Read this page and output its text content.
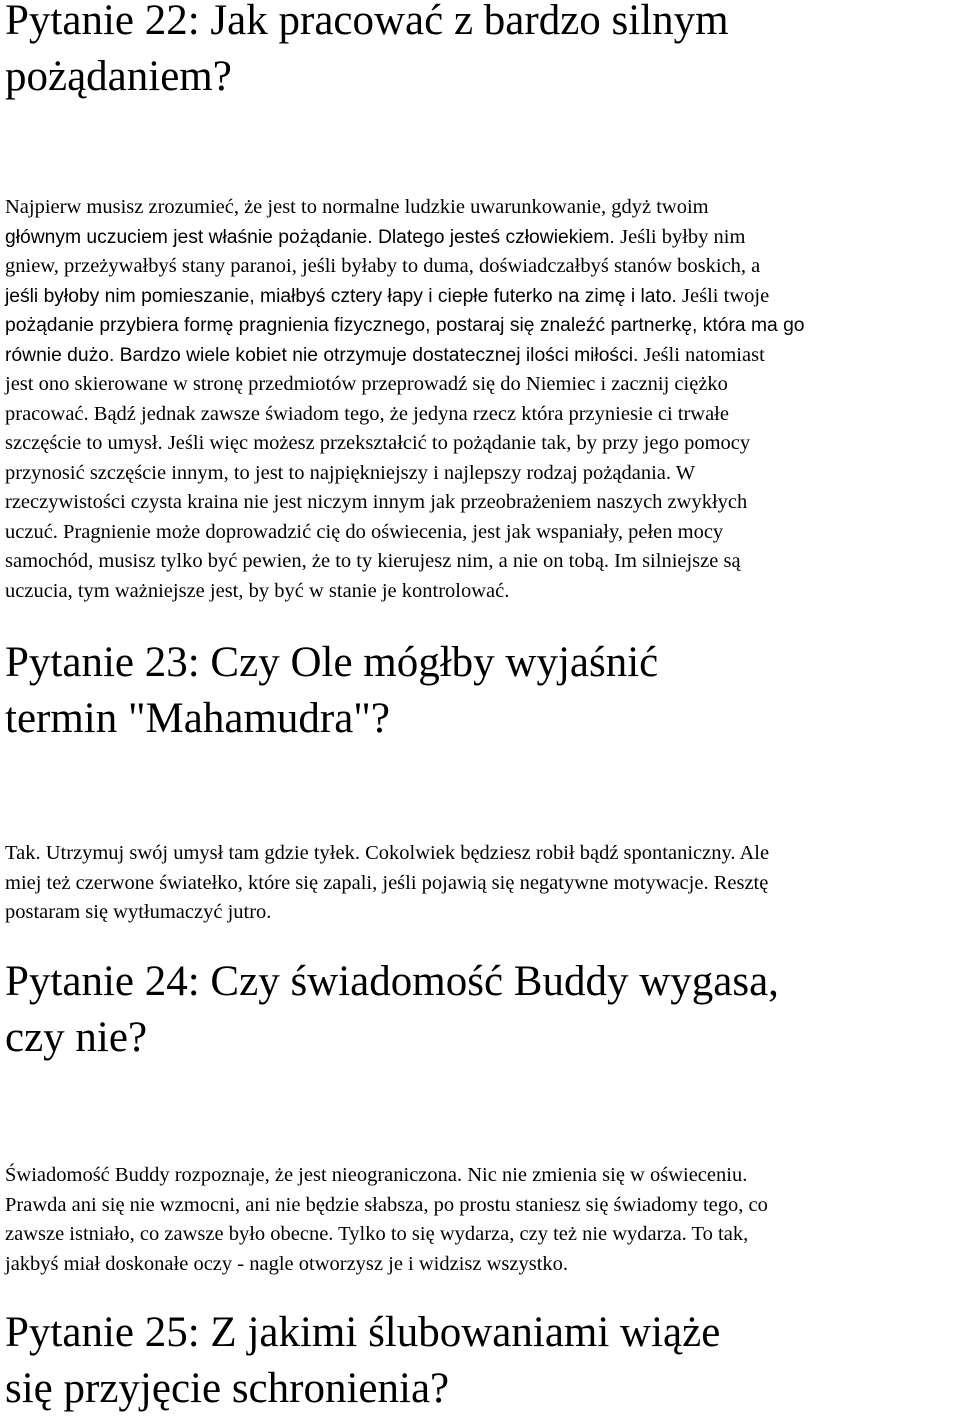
Pytanie 22: Jak pracować z bardzo silnym
pożądaniem?
Najpierw musisz zrozumieć, że jest to normalne ludzkie uwarunkowanie, gdyż twoim
głównym uczuciem jest właśnie pożądanie. Dlatego jesteś człowiekiem. Jeśli byłby nim
gniew, przeżywałbyś stany paranoi, jeśli byłaby to duma, doświadczałbyś stanów boskich, a
jeśli byłoby nim pomieszanie, miałbyś cztery łapy i ciepłe futerko na zimę i lato. Jeśli twoje
pożądanie przybiera formę pragnienia fizycznego, postaraj się znaleźć partnerkę, która ma go
równie dużo. Bardzo wiele kobiet nie otrzymuje dostatecznej ilości miłości. Jeśli natomiast
jest ono skierowane w stronę przedmiotów przeprowadź się do Niemiec i zacznij ciężko
pracować. Bądź jednak zawsze świadom tego, że jedyna rzecz która przyniesie ci trwałe
szczęście to umysł. Jeśli więc możesz przekształcić to pożądanie tak, by przy jego pomocy
przynosić szczęście innym, to jest to najpiękniejszy i najlepszy rodzaj pożądania. W
rzeczywistości czysta kraina nie jest niczym innym jak przeobrażeniem naszych zwykłych
uczuć. Pragnienie może doprowadzić cię do oświecenia, jest jak wspaniały, pełen mocy
samochód, musisz tylko być pewien, że to ty kierujesz nim, a nie on tobą. Im silniejsze są
uczucia, tym ważniejsze jest, by być w stanie je kontrolować.
Pytanie 23: Czy Ole mógłby wyjaśnić
termin "Mahamudra"?
Tak. Utrzymuj swój umysł tam gdzie tyłek. Cokolwiek będziesz robił bądź spontaniczny. Ale
miej też czerwone światełko, które się zapali, jeśli pojawią się negatywne motywacje. Resztę
postaram się wytłumaczyć jutro.
Pytanie 24: Czy świadomość Buddy wygasa,
czy nie?
Świadomość Buddy rozpoznaje, że jest nieograniczona. Nic nie zmienia się w oświeceniu.
Prawda ani się nie wzmocni, ani nie będzie słabsza, po prostu staniesz się świadomy tego, co
zawsze istniało, co zawsze było obecne. Tylko to się wydarza, czy też nie wydarza. To tak,
jakbyś miał doskonałe oczy - nagle otworzysz je i widzisz wszystko.
Pytanie 25: Z jakimi ślubowaniami wiąże
się przyjęcie schronienia?
